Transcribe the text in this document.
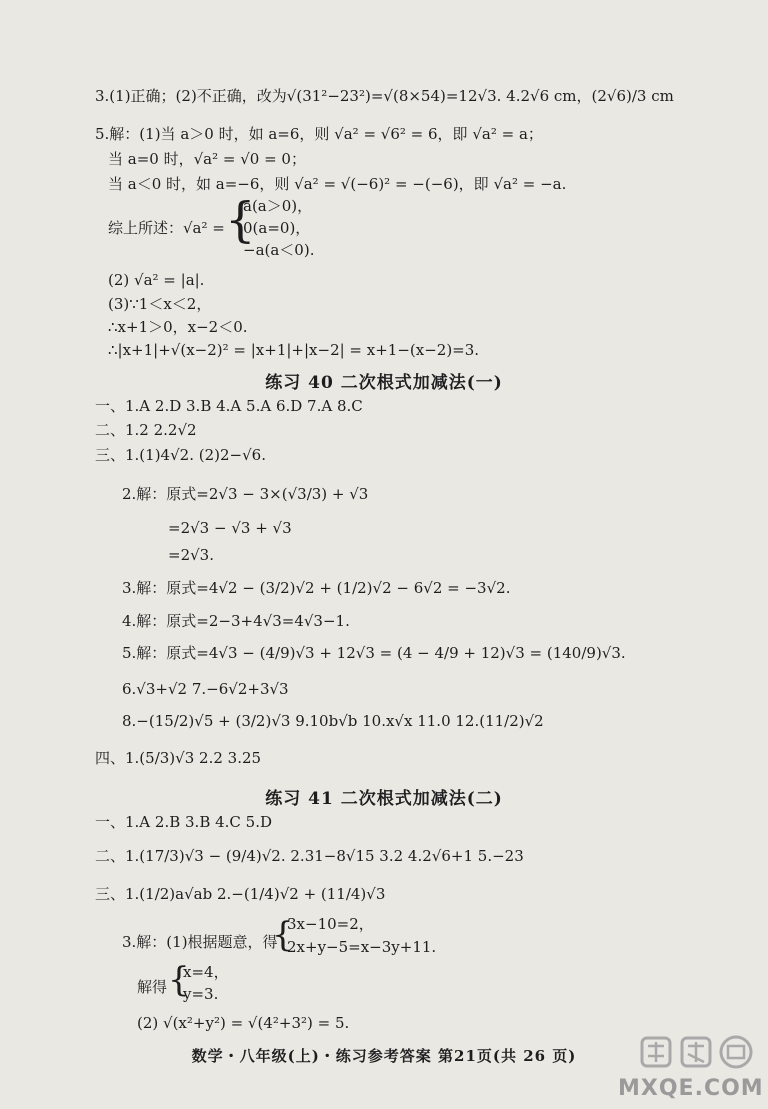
3.(1)正确；(2)不正确，改为√(31²−23²)=√(8×54)=12√3. 4.2√6 cm，(2√6)/3 cm
5.解：(1)当 a＞0 时，如 a=6，则 √a² = √6² = 6，即 √a² = a；
当 a=0 时，√a² = √0 = 0；
当 a＜0 时，如 a=−6，则 √a² = √(−6)² = −(−6)，即 √a² = −a.
综上所述：√a² = {
a(a＞0)，
0(a=0)，
−a(a＜0).
(2) √a² = |a|.
(3)∵1＜x＜2，
∴x+1＞0，x−2＜0.
∴|x+1|+√(x−2)² = |x+1|+|x−2| = x+1−(x−2)=3.
练习 40 二次根式加减法(一)
一、1.A 2.D 3.B 4.A 5.A 6.D 7.A 8.C
二、1.2 2.2√2
三、1.(1)4√2. (2)2−√6.
2.解：原式=2√3 − 3×(√3/3) + √3
=2√3 − √3 + √3
=2√3.
3.解：原式=4√2 − (3/2)√2 + (1/2)√2 − 6√2 = −3√2.
4.解：原式=2−3+4√3=4√3−1.
5.解：原式=4√3 − (4/9)√3 + 12√3 = (4 − 4/9 + 12)√3 = (140/9)√3.
6.√3+√2 7.−6√2+3√3
8.−(15/2)√5 + (3/2)√3 9.10b√b 10.x√x 11.0 12.(11/2)√2
四、1.(5/3)√3 2.2 3.25
练习 41 二次根式加减法(二)
一、1.A 2.B 3.B 4.C 5.D
二、1.(17/3)√3 − (9/4)√2. 2.31−8√15 3.2 4.2√6+1 5.−23
三、1.(1/2)a√ab 2.−(1/4)√2 + (11/4)√3
3.解：(1)根据题意，得
{
3x−10=2，
2x+y−5=x−3y+11.
解得 {
x=4，
y=3.
(2) √(x²+y²) = √(4²+3²) = 5.
数学・八年级(上)・练习参考答案 第21页(共 26 页)
MXQE.COM
